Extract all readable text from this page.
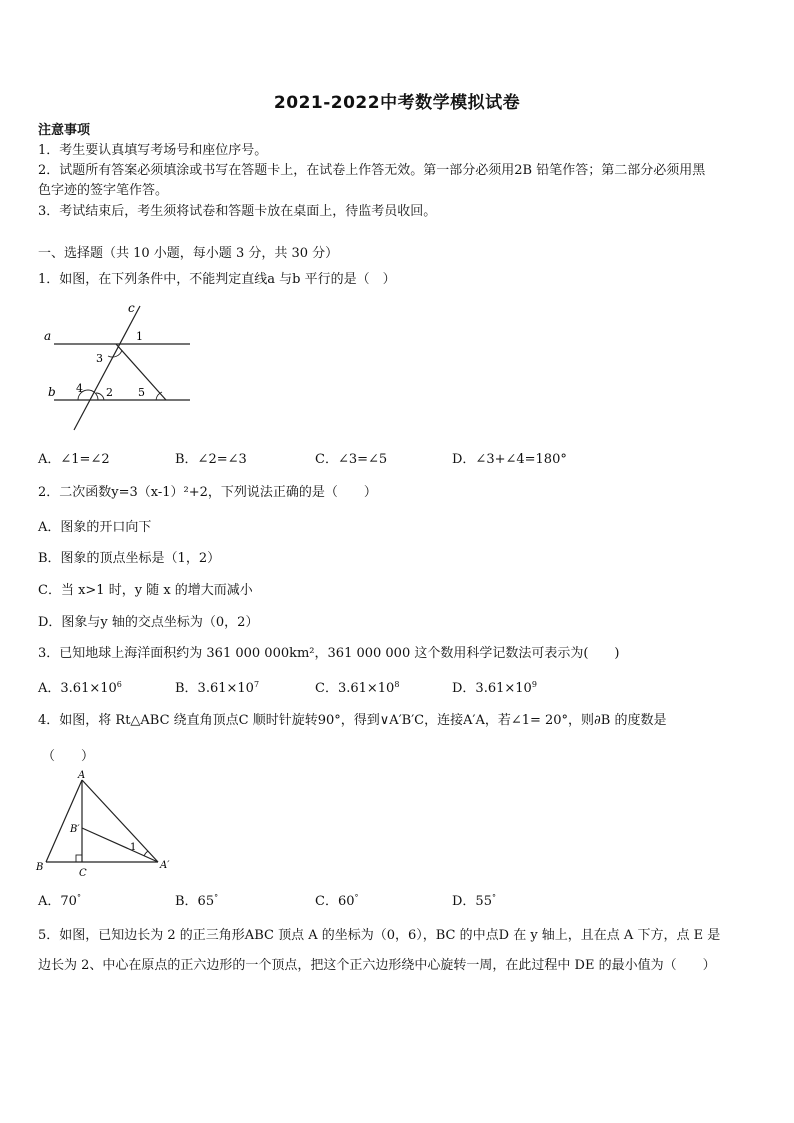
2021-2022中考数学模拟试卷
注意事项
1．考生要认真填写考场号和座位序号。
2．试题所有答案必须填涂或书写在答题卡上，在试卷上作答无效。第一部分必须用2B 铅笔作答；第二部分必须用黑
色字迹的签字笔作答。
3．考试结束后，考生须将试卷和答题卡放在桌面上，待监考员收回。
一、选择题（共 10 小题，每小题 3 分，共 30 分）
1．如图，在下列条件中，不能判定直线a 与b 平行的是（　）
a
b
c
1
3
4 2 5
A．∠1=∠2	B．∠2=∠3	C．∠3=∠5	D．∠3+∠4=180°
2．二次函数y=3（x-1）²+2，下列说法正确的是（　　）
A．图象的开口向下
B．图象的顶点坐标是（1，2）
C．当 x>1 时，y 随 x 的增大而减小
D．图象与y 轴的交点坐标为（0，2）
3．已知地球上海洋面积约为 361 000 000km²，361 000 000 这个数用科学记数法可表示为(　　)
A．$3.61\times 10^6$	B．$3.61\times 10^7$	C．$3.61\times 10^8$	D．$3.61\times 10^9$
4．如图，将 Rt△ABC 绕直角顶点C 顺时针旋转90°，得到∨A′B′C，连接A′A，若∠1= 20°，则∂B 的度数是
（　　）
A
B
C
A′
B′
1
A．70°	B．65°	C．60°	D．55°
5．如图，已知边长为 2 的正三角形ABC 顶点 A 的坐标为（0，6），BC 的中点D 在 y 轴上，且在点 A 下方，点 E 是
边长为 2、中心在原点的正六边形的一个顶点，把这个正六边形绕中心旋转一周，在此过程中 DE 的最小值为（　　）
